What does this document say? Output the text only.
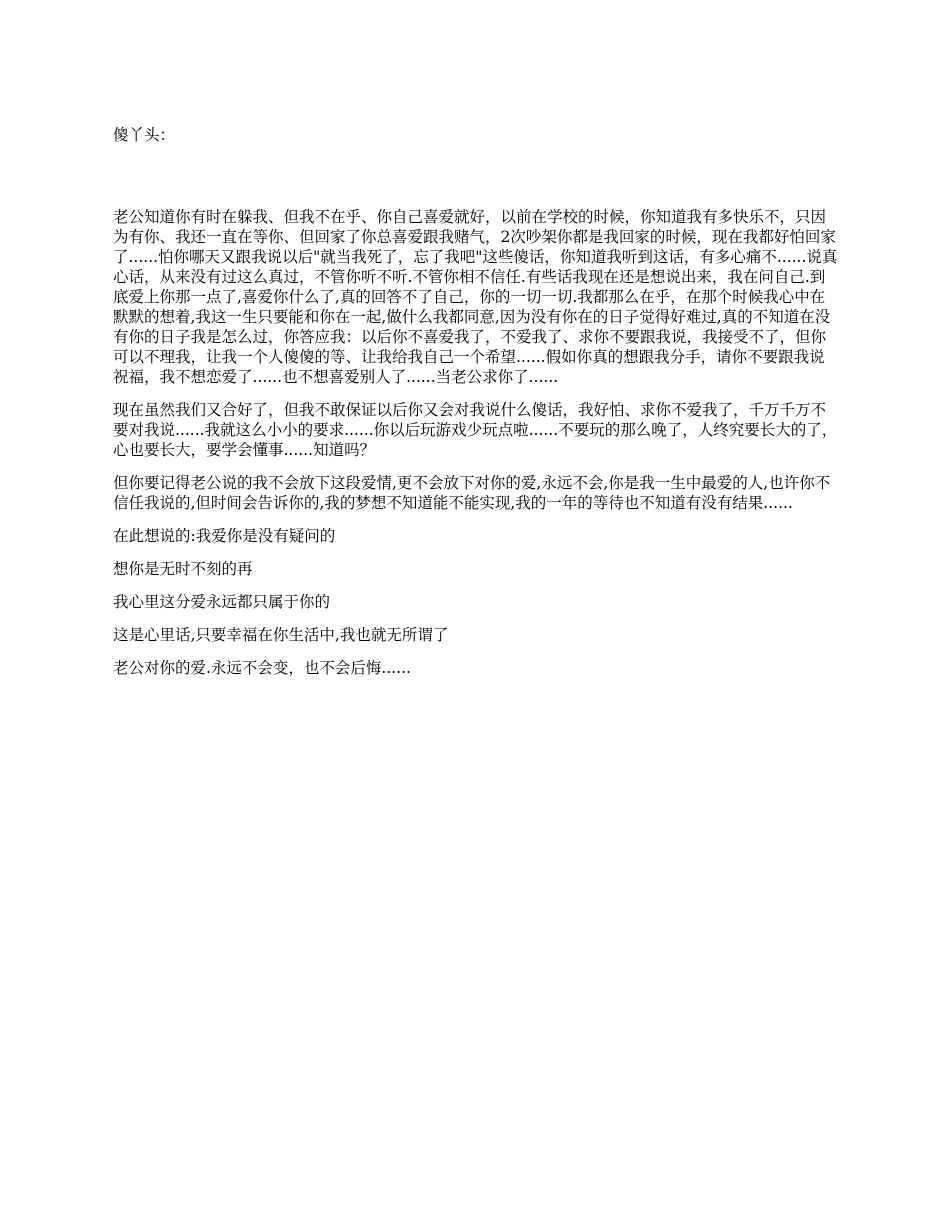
傻丫头：

老公知道你有时在躲我、但我不在乎、你自己喜爱就好，以前在学校的时候，你知道我有多快乐不，只因为有你、我还一直在等你、但回家了你总喜爱跟我赌气，2次吵架你都是我回家的时候，现在我都好怕回家了......怕你哪天又跟我说以后"就当我死了，忘了我吧"这些傻话，你知道我听到这话，有多心痛不......说真心话，从来没有过这么真过，不管你听不听.不管你相不信任.有些话我现在还是想说出来，我在问自己.到底爱上你那一点了,喜爱你什么了,真的回答不了自己，你的一切一切.我都那么在乎，在那个时候我心中在默默的想着,我这一生只要能和你在一起,做什么我都同意,因为没有你在的日子觉得好难过,真的不知道在没有你的日子我是怎么过，你答应我：以后你不喜爱我了，不爱我了、求你不要跟我说，我接受不了，但你可以不理我，让我一个人傻傻的等、让我给我自己一个希望......假如你真的想跟我分手，请你不要跟我说祝福，我不想恋爱了......也不想喜爱别人了......当老公求你了......

现在虽然我们又合好了，但我不敢保证以后你又会对我说什么傻话，我好怕、求你不爱我了，千万千万不要对我说......我就这么小小的要求......你以后玩游戏少玩点啦......不要玩的那么晚了，人终究要长大的了，心也要长大，要学会懂事......知道吗？

但你要记得老公说的我不会放下这段爱情,更不会放下对你的爱,永远不会,你是我一生中最爱的人,也许你不信任我说的,但时间会告诉你的,我的梦想不知道能不能实现,我的一年的等待也不知道有没有结果......

在此想说的:我爱你是没有疑问的

想你是无时不刻的再

我心里这分爱永远都只属于你的

这是心里话,只要幸福在你生活中,我也就无所谓了

老公对你的爱.永远不会变，也不会后悔......
